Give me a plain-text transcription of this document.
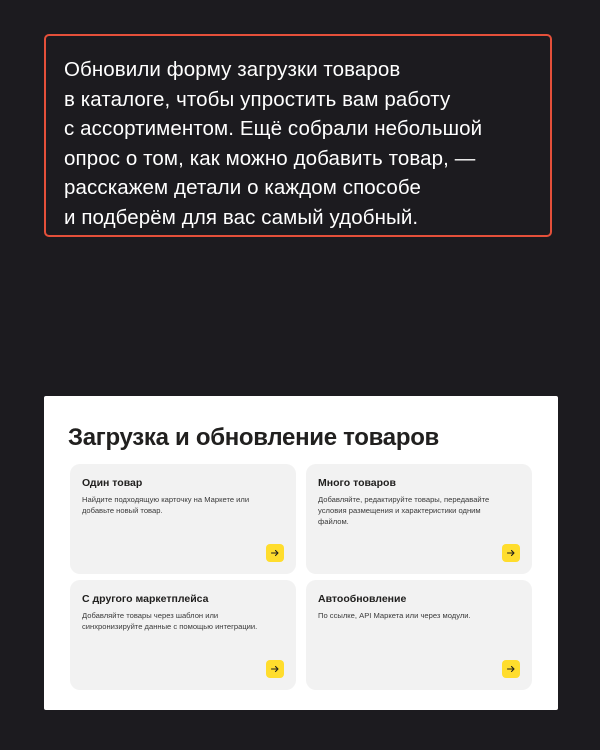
Обновили форму загрузки товаров
в каталоге, чтобы упростить вам работу
с ассортиментом. Ещё собрали небольшой
опрос о том, как можно добавить товар, —
расскажем детали о каждом способе
и подберём для вас самый удобный.

Загрузка и обновление товаров
Один товар
Найдите подходящую карточку на Маркете или добавьте новый товар.
Много товаров
Добавляйте, редактируйте товары, передавайте условия размещения и характеристики одним файлом.
С другого маркетплейса
Добавляйте товары через шаблон или синхронизируйте данные с помощью интеграции.
Автообновление
По ссылке, API Маркета или через модули.
